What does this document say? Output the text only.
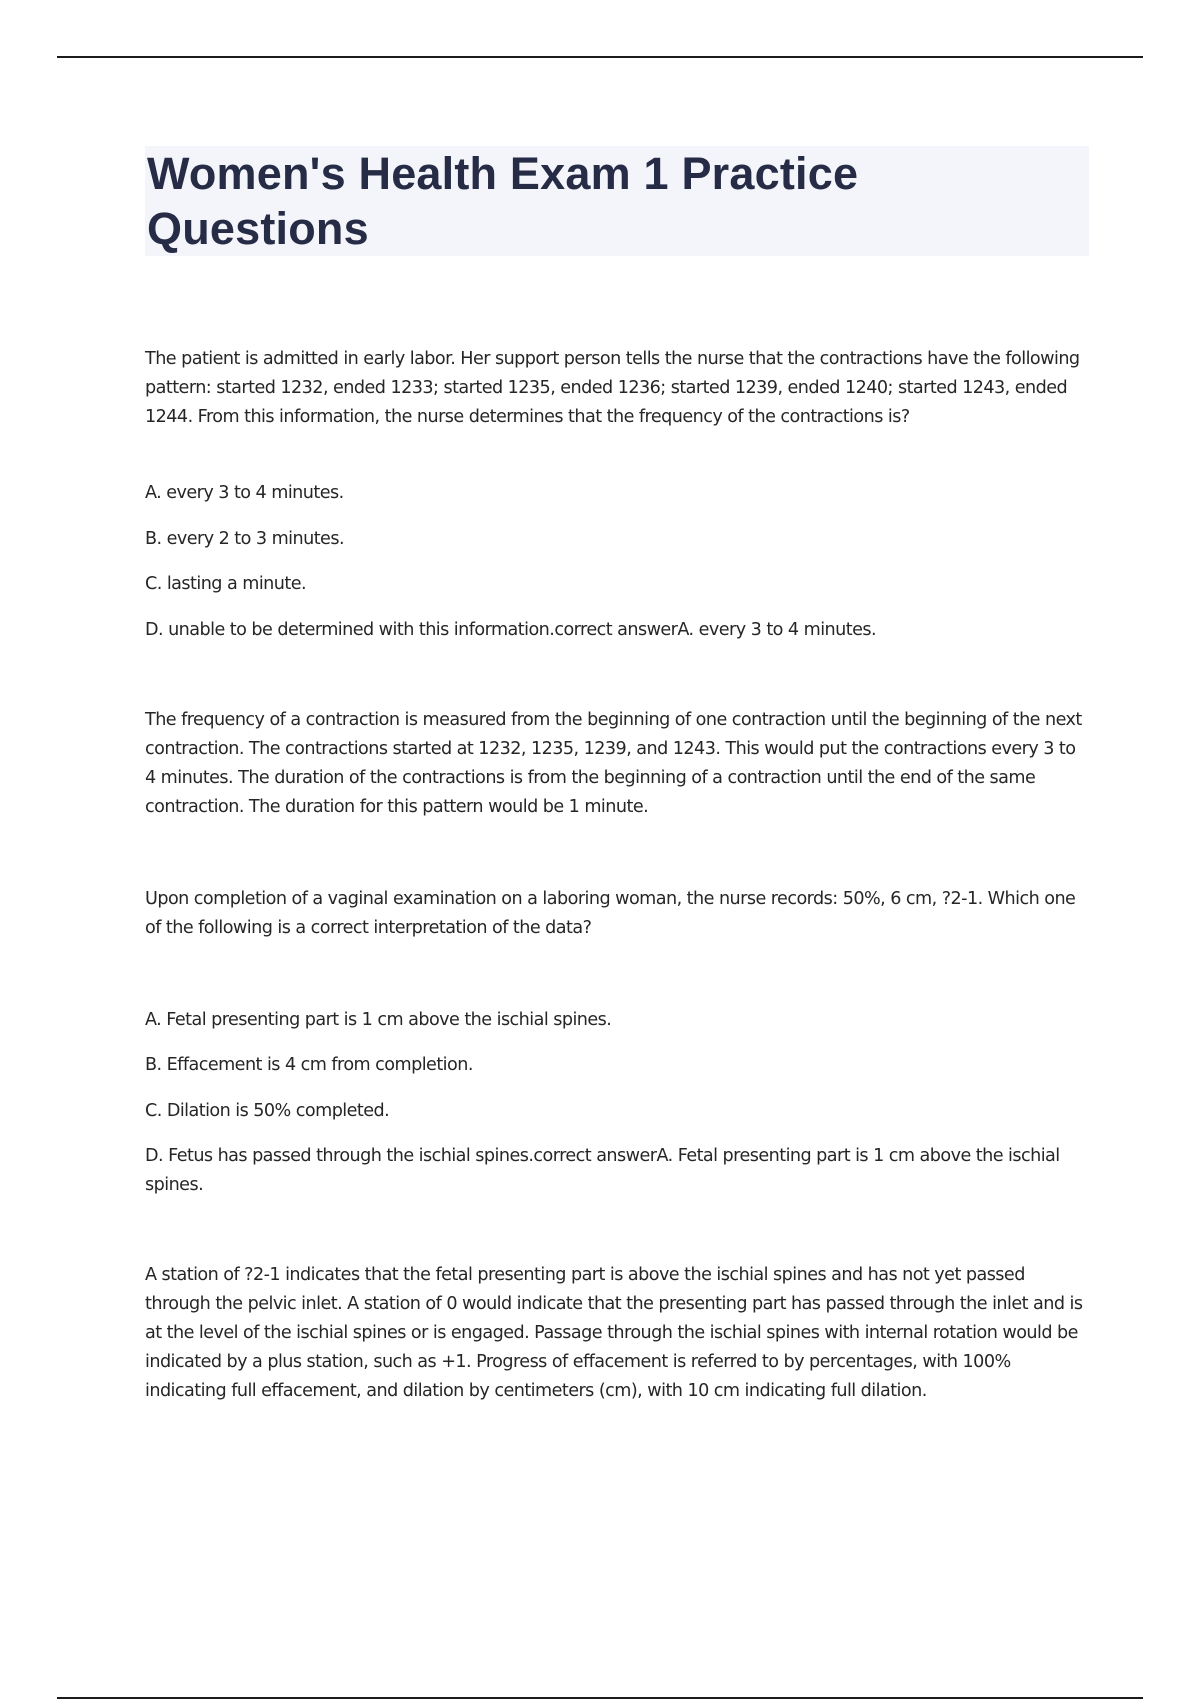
Women's Health Exam 1 Practice Questions

The patient is admitted in early labor. Her support person tells the nurse that the contractions have the following pattern: started 1232, ended 1233; started 1235, ended 1236; started 1239, ended 1240; started 1243, ended 1244. From this information, the nurse determines that the frequency of the contractions is?

A. every 3 to 4 minutes.

B. every 2 to 3 minutes.

C. lasting a minute.

D. unable to be determined with this information.correct answerA. every 3 to 4 minutes.

The frequency of a contraction is measured from the beginning of one contraction until the beginning of the next contraction. The contractions started at 1232, 1235, 1239, and 1243. This would put the contractions every 3 to 4 minutes. The duration of the contractions is from the beginning of a contraction until the end of the same contraction. The duration for this pattern would be 1 minute.

Upon completion of a vaginal examination on a laboring woman, the nurse records: 50%, 6 cm, ?2-1. Which one of the following is a correct interpretation of the data?

A. Fetal presenting part is 1 cm above the ischial spines.

B. Effacement is 4 cm from completion.

C. Dilation is 50% completed.

D. Fetus has passed through the ischial spines.correct answerA. Fetal presenting part is 1 cm above the ischial spines.

A station of ?2-1 indicates that the fetal presenting part is above the ischial spines and has not yet passed through the pelvic inlet. A station of 0 would indicate that the presenting part has passed through the inlet and is at the level of the ischial spines or is engaged. Passage through the ischial spines with internal rotation would be indicated by a plus station, such as +1. Progress of effacement is referred to by percentages, with 100% indicating full effacement, and dilation by centimeters (cm), with 10 cm indicating full dilation.
